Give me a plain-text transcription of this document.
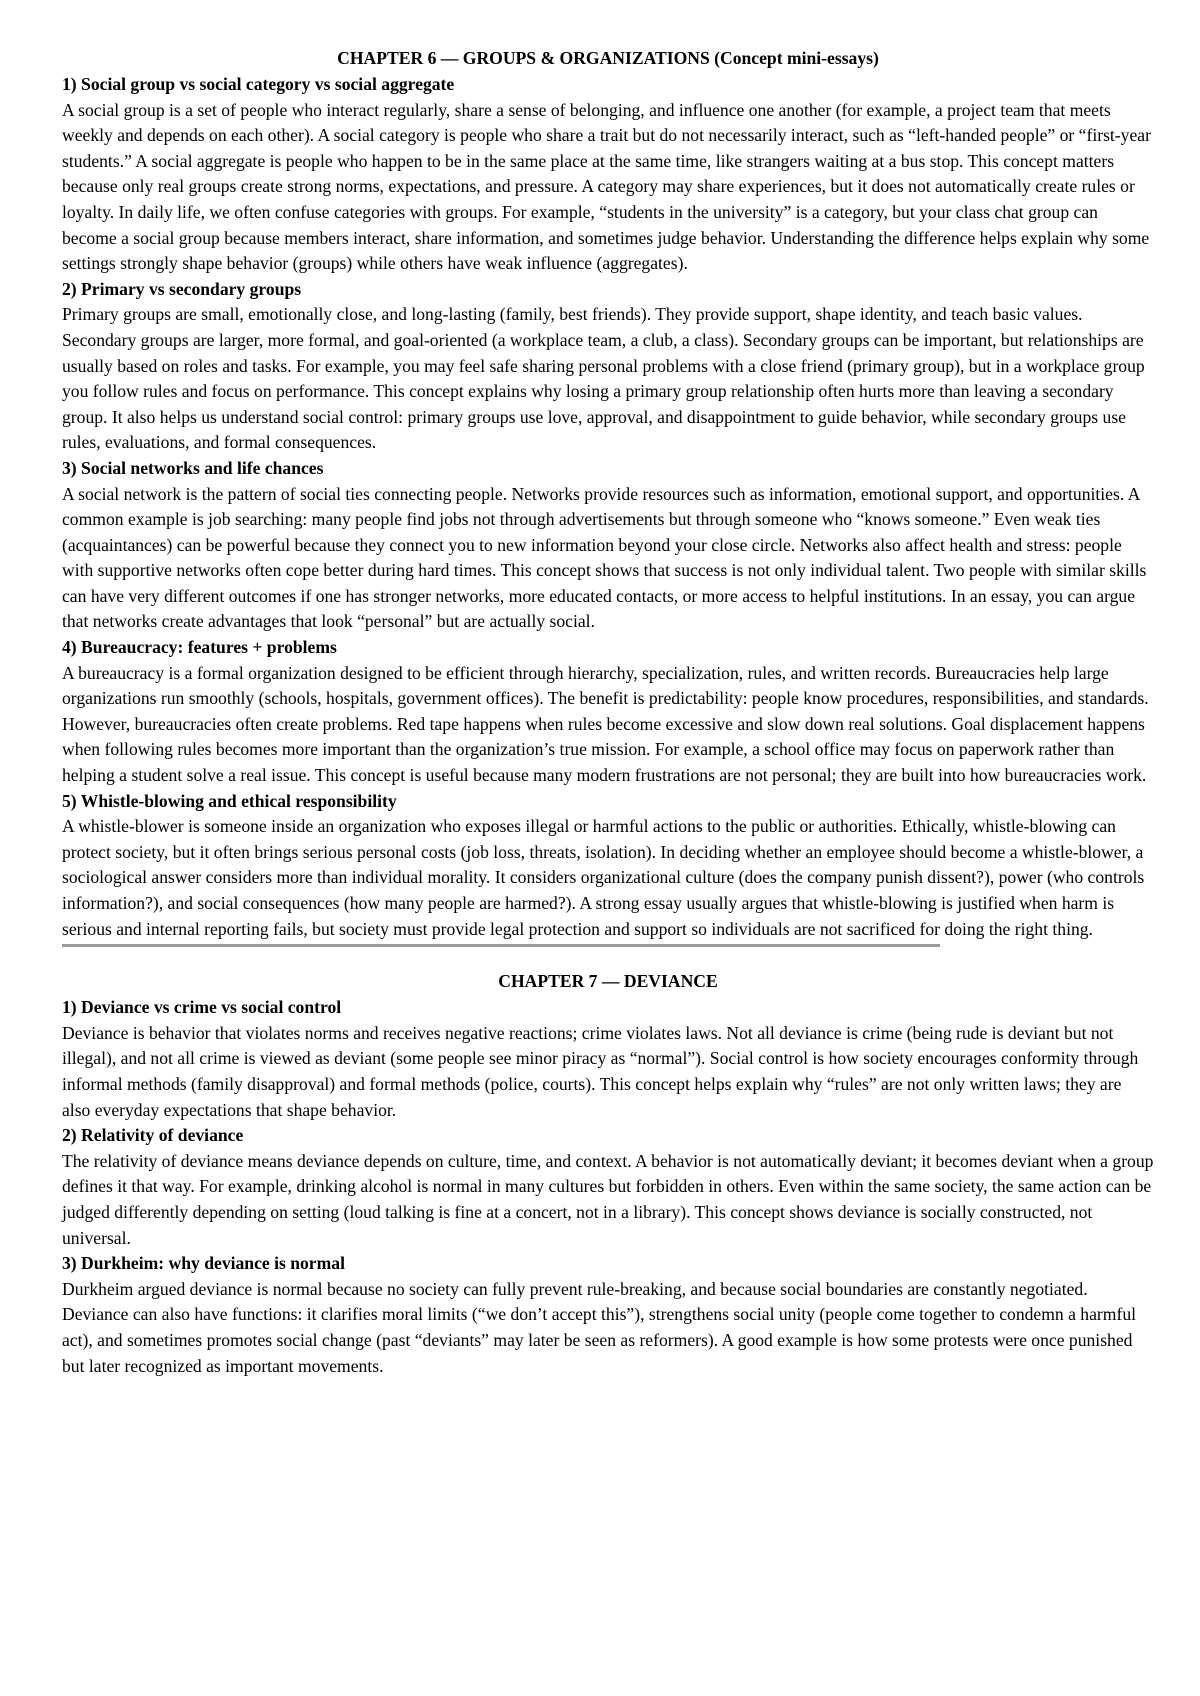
CHAPTER 6 — GROUPS & ORGANIZATIONS (Concept mini-essays)
1) Social group vs social category vs social aggregate

A social group is a set of people who interact regularly, share a sense of belonging, and influence one another (for example, a project team that meets weekly and depends on each other). A social category is people who share a trait but do not necessarily interact, such as “left-handed people” or “first-year students.” A social aggregate is people who happen to be in the same place at the same time, like strangers waiting at a bus stop. This concept matters because only real groups create strong norms, expectations, and pressure. A category may share experiences, but it does not automatically create rules or loyalty. In daily life, we often confuse categories with groups. For example, “students in the university” is a category, but your class chat group can become a social group because members interact, share information, and sometimes judge behavior. Understanding the difference helps explain why some settings strongly shape behavior (groups) while others have weak influence (aggregates).

2) Primary vs secondary groups

Primary groups are small, emotionally close, and long-lasting (family, best friends). They provide support, shape identity, and teach basic values. Secondary groups are larger, more formal, and goal-oriented (a workplace team, a club, a class). Secondary groups can be important, but relationships are usually based on roles and tasks. For example, you may feel safe sharing personal problems with a close friend (primary group), but in a workplace group you follow rules and focus on performance. This concept explains why losing a primary group relationship often hurts more than leaving a secondary group. It also helps us understand social control: primary groups use love, approval, and disappointment to guide behavior, while secondary groups use rules, evaluations, and formal consequences.

3) Social networks and life chances

A social network is the pattern of social ties connecting people. Networks provide resources such as information, emotional support, and opportunities. A common example is job searching: many people find jobs not through advertisements but through someone who “knows someone.” Even weak ties (acquaintances) can be powerful because they connect you to new information beyond your close circle. Networks also affect health and stress: people with supportive networks often cope better during hard times. This concept shows that success is not only individual talent. Two people with similar skills can have very different outcomes if one has stronger networks, more educated contacts, or more access to helpful institutions. In an essay, you can argue that networks create advantages that look “personal” but are actually social.

4) Bureaucracy: features + problems

A bureaucracy is a formal organization designed to be efficient through hierarchy, specialization, rules, and written records. Bureaucracies help large organizations run smoothly (schools, hospitals, government offices). The benefit is predictability: people know procedures, responsibilities, and standards. However, bureaucracies often create problems. Red tape happens when rules become excessive and slow down real solutions. Goal displacement happens when following rules becomes more important than the organization’s true mission. For example, a school office may focus on paperwork rather than helping a student solve a real issue. This concept is useful because many modern frustrations are not personal; they are built into how bureaucracies work.

5) Whistle-blowing and ethical responsibility

A whistle-blower is someone inside an organization who exposes illegal or harmful actions to the public or authorities. Ethically, whistle-blowing can protect society, but it often brings serious personal costs (job loss, threats, isolation). In deciding whether an employee should become a whistle-blower, a sociological answer considers more than individual morality. It considers organizational culture (does the company punish dissent?), power (who controls information?), and social consequences (how many people are harmed?). A strong essay usually argues that whistle-blowing is justified when harm is serious and internal reporting fails, but society must provide legal protection and support so individuals are not sacrificed for doing the right thing.

CHAPTER 7 — DEVIANCE
1) Deviance vs crime vs social control

Deviance is behavior that violates norms and receives negative reactions; crime violates laws. Not all deviance is crime (being rude is deviant but not illegal), and not all crime is viewed as deviant (some people see minor piracy as “normal”). Social control is how society encourages conformity through informal methods (family disapproval) and formal methods (police, courts). This concept helps explain why “rules” are not only written laws; they are also everyday expectations that shape behavior.

2) Relativity of deviance

The relativity of deviance means deviance depends on culture, time, and context. A behavior is not automatically deviant; it becomes deviant when a group defines it that way. For example, drinking alcohol is normal in many cultures but forbidden in others. Even within the same society, the same action can be judged differently depending on setting (loud talking is fine at a concert, not in a library). This concept shows deviance is socially constructed, not universal.

3) Durkheim: why deviance is normal

Durkheim argued deviance is normal because no society can fully prevent rule-breaking, and because social boundaries are constantly negotiated. Deviance can also have functions: it clarifies moral limits (“we don’t accept this”), strengthens social unity (people come together to condemn a harmful act), and sometimes promotes social change (past “deviants” may later be seen as reformers). A good example is how some protests were once punished but later recognized as important movements.
